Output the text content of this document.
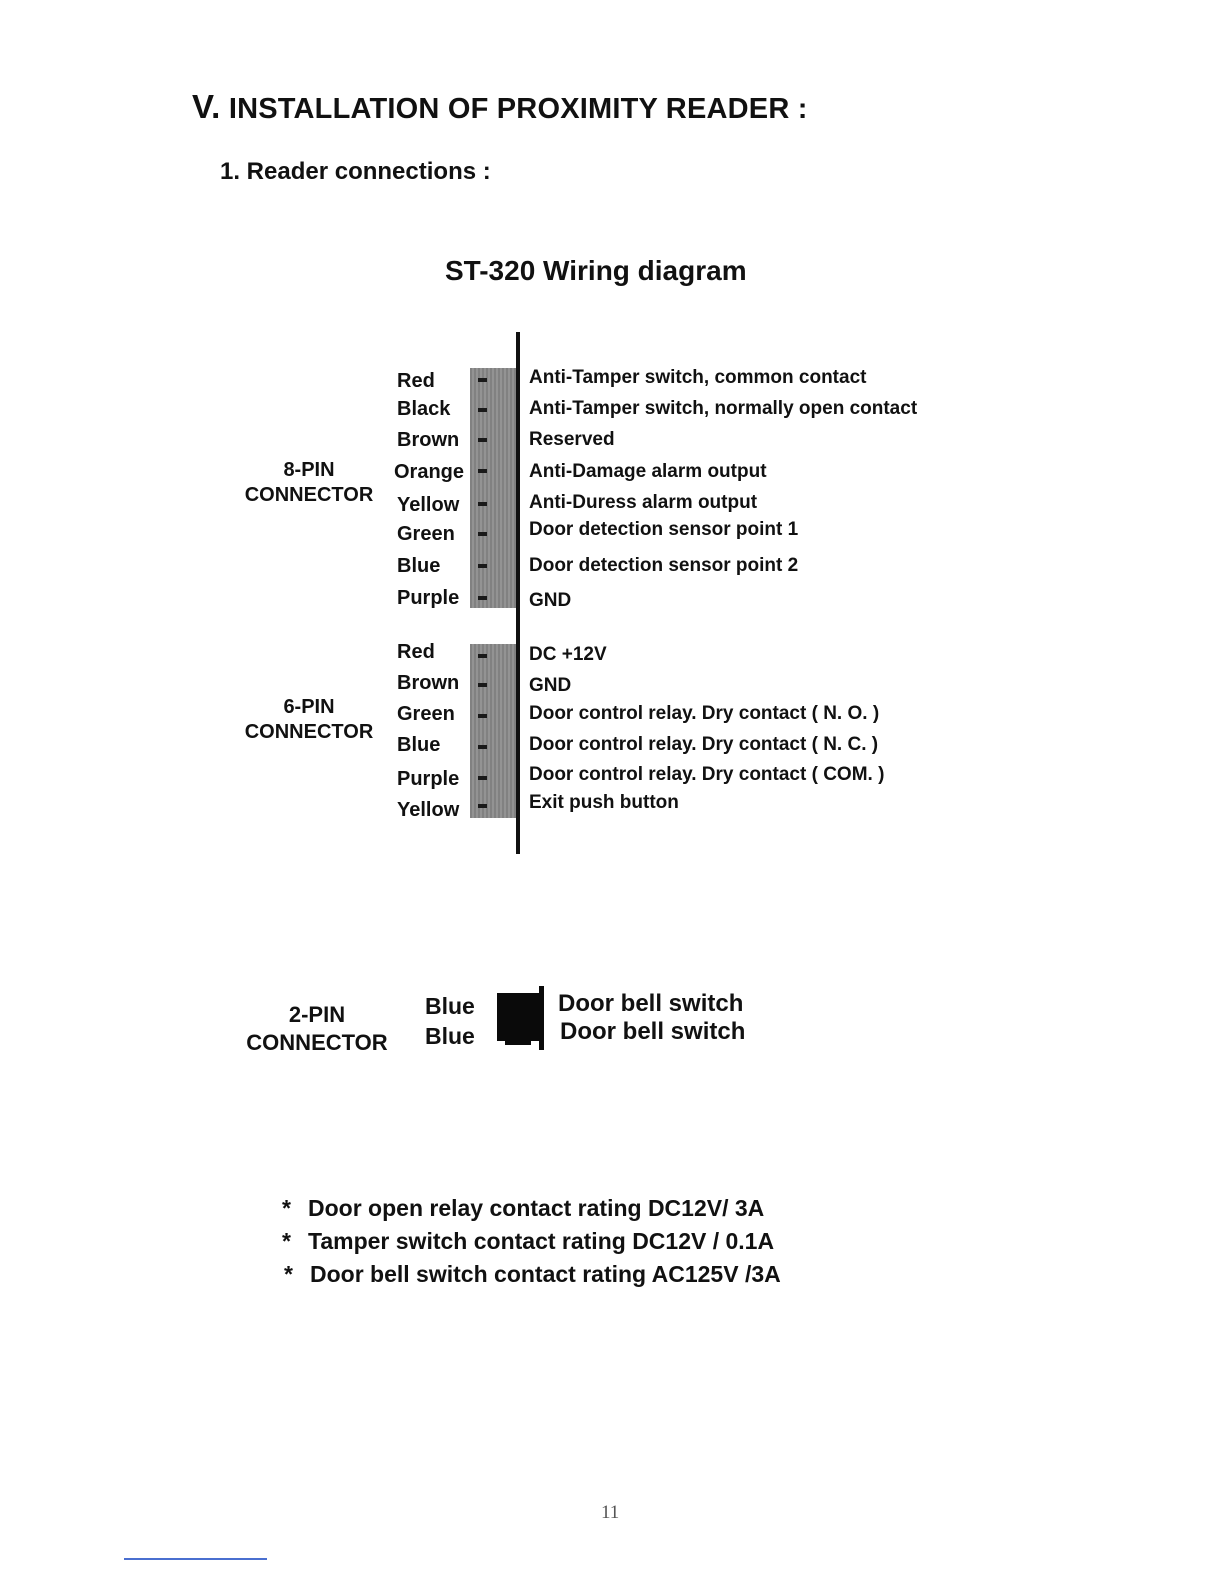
V. INSTALLATION OF PROXIMITY READER :
1. Reader connections :
ST-320 Wiring diagram
8-PIN
CONNECTOR
Red
Black
Brown
Orange
Yellow
Green
Blue
Purple
Anti-Tamper switch, common contact
Anti-Tamper switch, normally open contact
Reserved
Anti-Damage alarm output
Anti-Duress alarm output
Door detection sensor point 1
Door detection sensor point 2
GND
6-PIN
CONNECTOR
Red
Brown
Green
Blue
Purple
Yellow
DC +12V
GND
Door control relay. Dry contact ( N. O. )
Door control relay. Dry contact ( N. C. )
Door control relay. Dry contact ( COM. )
Exit push button
2-PIN
CONNECTOR
Blue
Blue
Door bell switch
Door bell switch
* Door open relay contact rating DC12V/ 3A
* Tamper switch contact rating DC12V / 0.1A
* Door bell switch contact rating AC125V /3A
11
